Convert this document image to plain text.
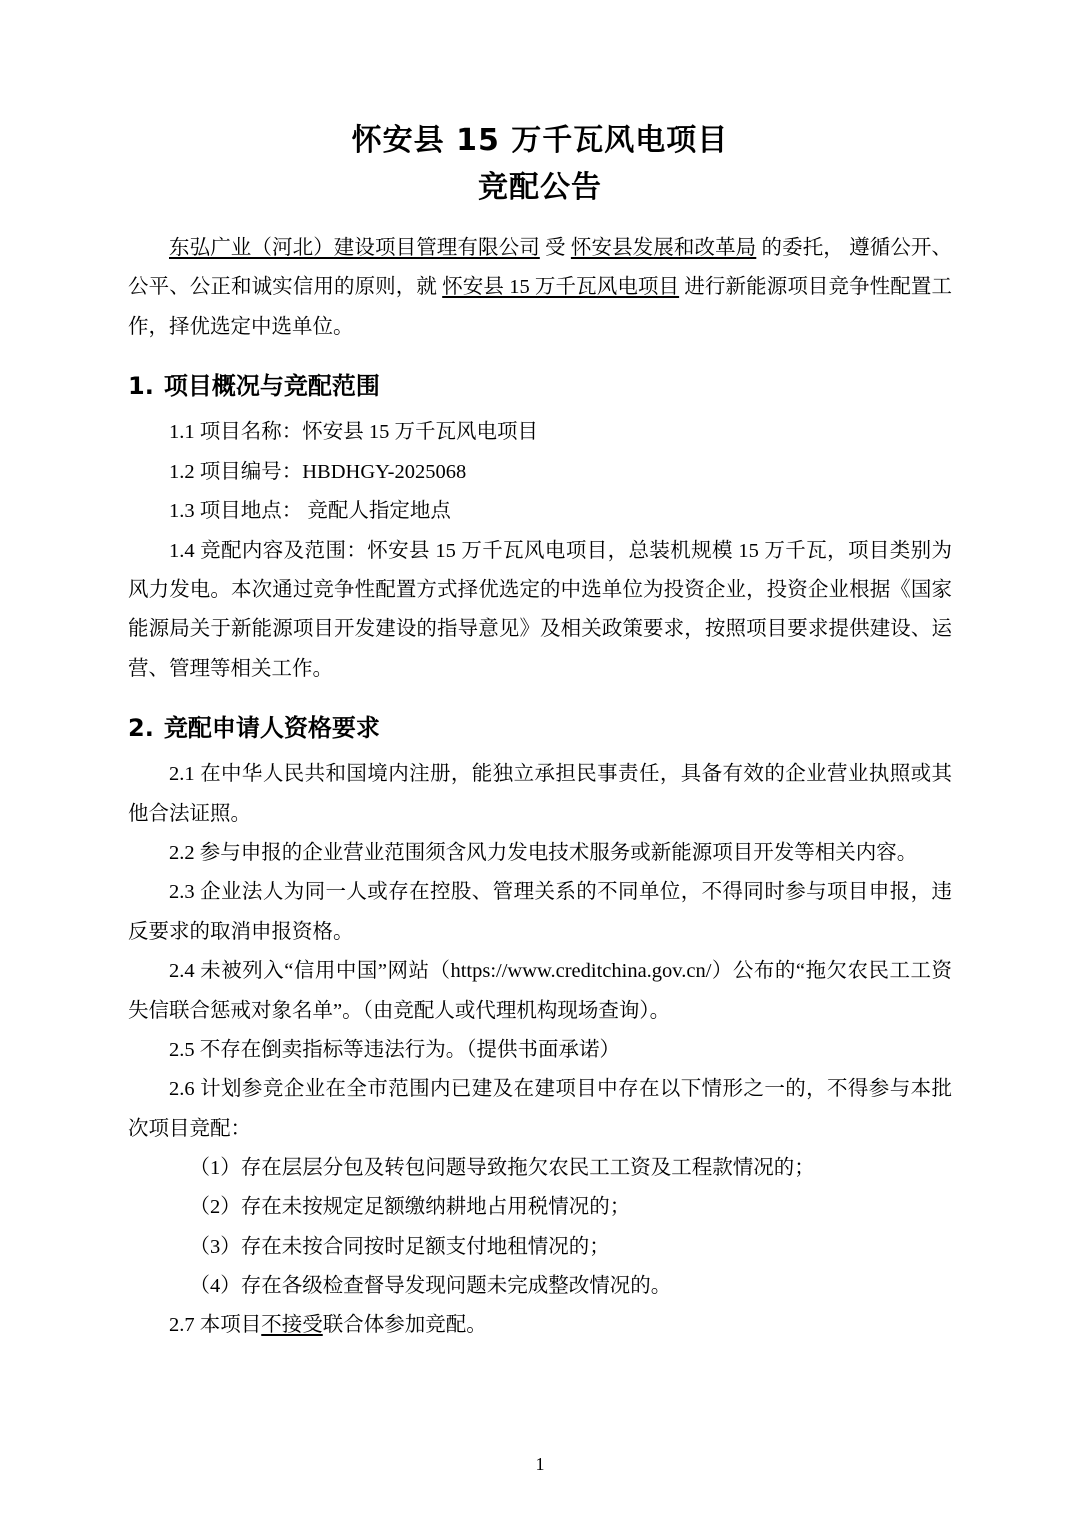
怀安县 15 万千瓦风电项目
竞配公告

东弘广业（河北）建设项目管理有限公司 受 怀安县发展和改革局 的委托， 遵循公开、公平、公正和诚实信用的原则，就 怀安县 15 万千瓦风电项目 进行新能源项目竞争性配置工作，择优选定中选单位。

1. 项目概况与竞配范围

1.1 项目名称：怀安县 15 万千瓦风电项目

1.2 项目编号：HBDHGY-2025068

1.3 项目地点： 竞配人指定地点

1.4 竞配内容及范围：怀安县 15 万千瓦风电项目，总装机规模 15 万千瓦，项目类别为风力发电。本次通过竞争性配置方式择优选定的中选单位为投资企业，投资企业根据《国家能源局关于新能源项目开发建设的指导意见》及相关政策要求，按照项目要求提供建设、运营、管理等相关工作。

2. 竞配申请人资格要求

2.1 在中华人民共和国境内注册，能独立承担民事责任，具备有效的企业营业执照或其他合法证照。

2.2 参与申报的企业营业范围须含风力发电技术服务或新能源项目开发等相关内容。

2.3 企业法人为同一人或存在控股、管理关系的不同单位，不得同时参与项目申报，违反要求的取消申报资格。

2.4 未被列入“信用中国”网站（https://www.creditchina.gov.cn/）公布的“拖欠农民工工资失信联合惩戒对象名单”。（由竞配人或代理机构现场查询）。

2.5 不存在倒卖指标等违法行为。（提供书面承诺）

2.6 计划参竞企业在全市范围内已建及在建项目中存在以下情形之一的，不得参与本批次项目竞配：

（1）存在层层分包及转包问题导致拖欠农民工工资及工程款情况的；
（2）存在未按规定足额缴纳耕地占用税情况的；
（3）存在未按合同按时足额支付地租情况的；
（4）存在各级检查督导发现问题未完成整改情况的。

2.7 本项目不接受联合体参加竞配。

1
